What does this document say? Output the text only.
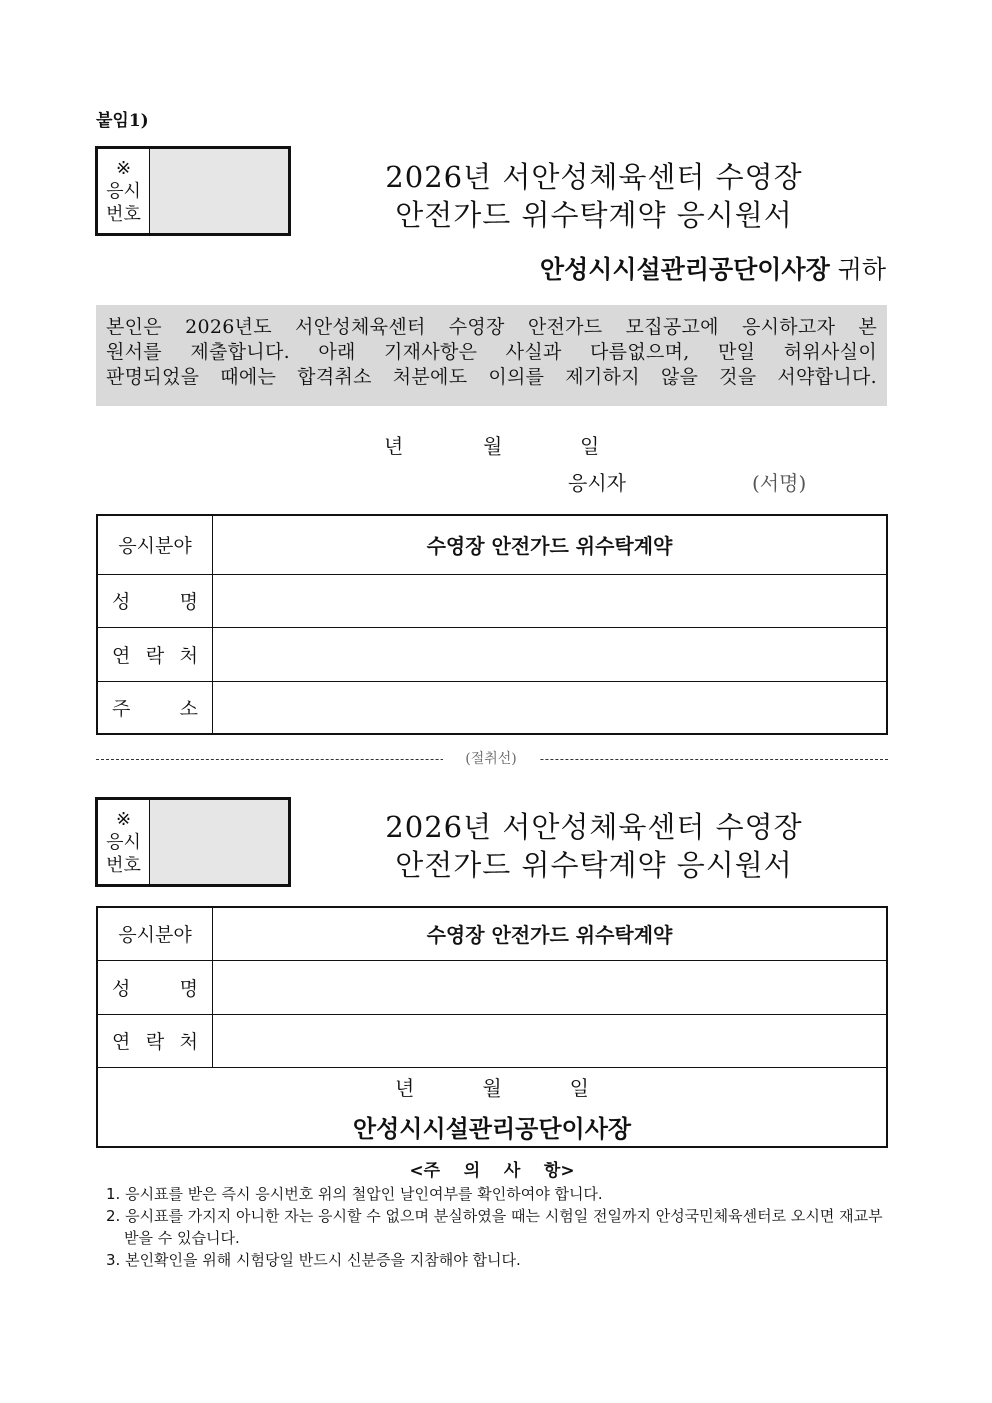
붙임1)
※
응시
번호
2026년 서안성체육센터 수영장
안전가드 위수탁계약 응시원서
안성시시설관리공단이사장 귀하
본인은 2026년도 서안성체육센터 수영장 안전가드 모집공고에 응시하고자 본
원서를 제출합니다. 아래 기재사항은 사실과 다름없으며, 만일 허위사실이
판명되었을 때에는 합격취소 처분에도 이의를 제기하지 않을 것을 서약합니다.
년	월	일
응시자	(서명)
응시분야	수영장 안전가드 위수탁계약

성 명	

연 락 처	

주 소	

(절취선)
※
응시
번호
2026년 서안성체육센터 수영장
안전가드 위수탁계약 응시원서
응시분야	수영장 안전가드 위수탁계약

성 명	

연 락 처	

년 월 일
안성시시설관리공단이사장	
<주    의    사    항>
1. 응시표를 받은 즉시 응시번호 위의 철압인 날인여부를 확인하여야 합니다.
2. 응시표를 가지지 아니한 자는 응시할 수 없으며 분실하였을 때는 시험일 전일까지 안성국민체육센터로 오시면 재교부 받을 수 있습니다.
3. 본인확인을 위해 시험당일 반드시 신분증을 지참해야 합니다.
